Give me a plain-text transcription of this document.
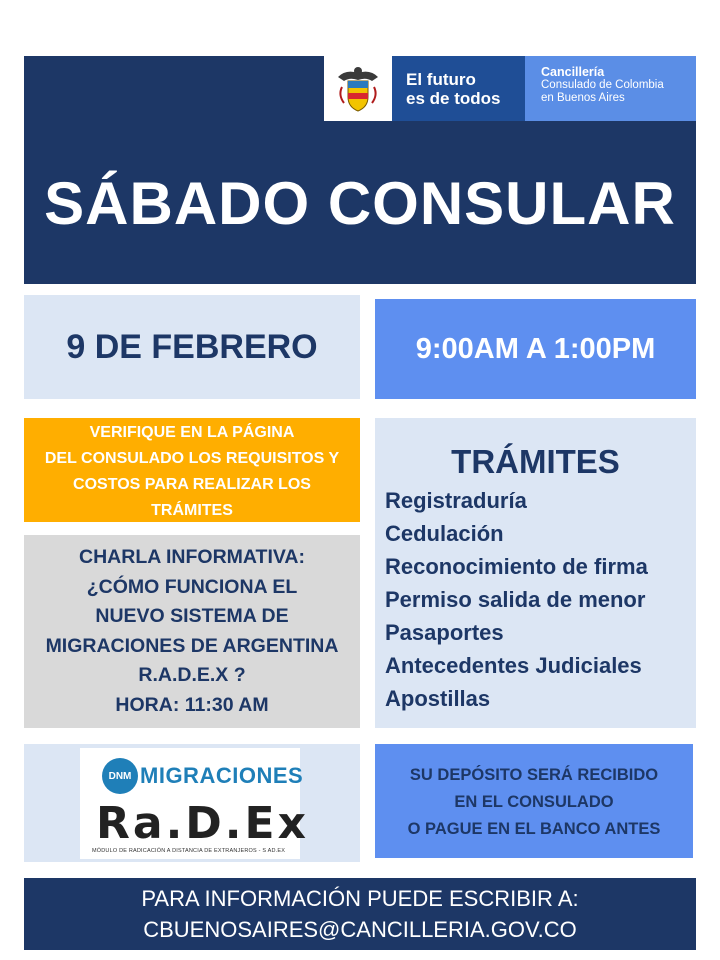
El futuro
es de todos
Cancillería
Consulado de Colombia
en Buenos Aires
SÁBADO CONSULAR
9 DE FEBRERO	9:00AM A 1:00PM
VERIFIQUE EN LA PÁGINA
DEL CONSULADO LOS REQUISITOS Y
COSTOS PARA REALIZAR LOS
TRÁMITES
CHARLA INFORMATIVA:
¿CÓMO FUNCIONA EL
NUEVO SISTEMA DE
MIGRACIONES DE ARGENTINA
R.A.D.E.X ?
HORA: 11:30 AM
TRÁMITES
Registraduría
Cedulación
Reconocimiento de firma
Permiso salida de menor
Pasaportes
Antecedentes Judiciales
Apostillas
DNM MIGRACIONES
Ra.D.Ex
MÓDULO DE RADICACIÓN A DISTANCIA DE EXTRANJEROS - S AD.EX
SU DEPÓSITO SERÁ RECIBIDO
EN EL CONSULADO
O PAGUE EN EL BANCO ANTES
PARA INFORMACIÓN PUEDE ESCRIBIR A:
CBUENOSAIRES@CANCILLERIA.GOV.CO
